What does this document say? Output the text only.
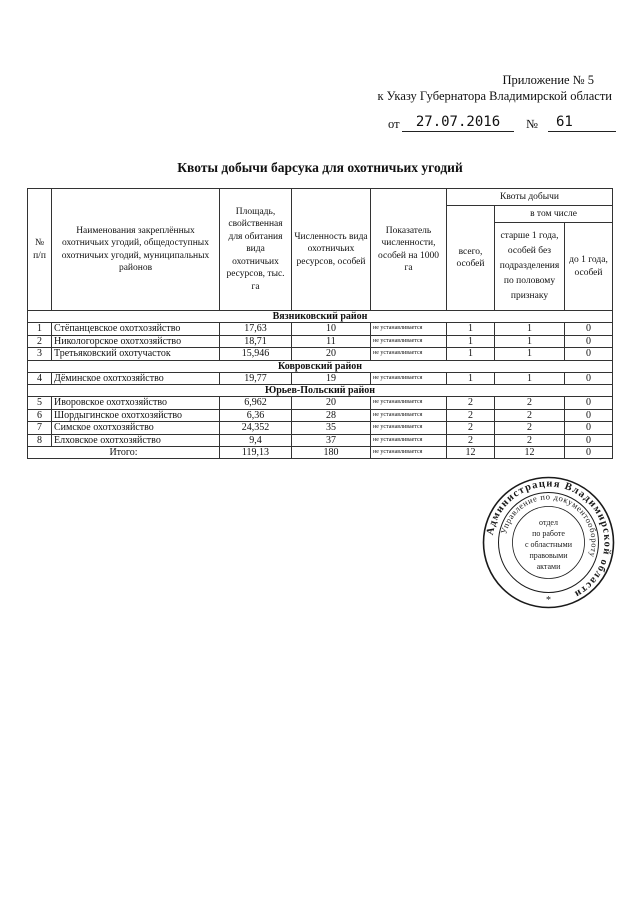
Приложение № 5
к Указу Губернатора Владимирской области
от	27.07.2016	№	61
Квоты добычи барсука для охотничьих угодий
№ п/п	Наименования закреплённых охотничьих угодий, общедоступных охотничьих угодий, муниципальных районов	Площадь, свойственная для обитания вида охотничьих ресурсов, тыс. га	Численность вида охотничьих ресурсов, особей	Показатель численности, особей на 1000 га	Квоты добычи		
					всего, особей	в том числе	
						старше 1 года, особей без подразделения по половому признаку	до 1 года, особей
Вязниковский район							
1	Стёпанцевское охотхозяйство	17,63	10	не устанавливается	1	1	0
2	Никологорское охотхозяйство	18,71	11	не устанавливается	1	1	0
3	Третьяковский охотучасток	15,946	20	не устанавливается	1	1	0
Ковровский район							
4	Дёминское охотхозяйство	19,77	19	не устанавливается	1	1	0
Юрьев-Польский район							
5	Иворовское охотхозяйство	6,962	20	не устанавливается	2	2	0
6	Шордыгинское охотхозяйство	6,36	28	не устанавливается	2	2	0
7	Симское охотхозяйство	24,352	35	не устанавливается	2	2	0
8	Елховское охотхозяйство	9,4	37	не устанавливается	2	2	0
Итого:		119,13	180	не устанавливается	12	12	0
Администрация Владимирской области
Управление по документообороту
отдел
по работе
с областными
правовыми
актами
*
